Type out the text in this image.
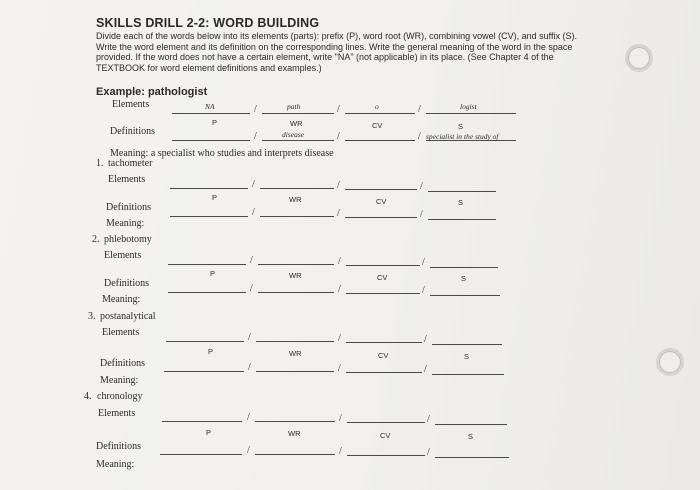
SKILLS DRILL 2-2: WORD BUILDING
Divide each of the words below into its elements (parts): prefix (P), word root (WR), combining vowel (CV), and suffix (S). Write the word element and its definition on the corresponding lines. Write the general meaning of the word in the space provided. If the word does not have a certain element, write "NA" (not applicable) in its place. (See Chapter 4 of the TEXTBOOK for word element definitions and examples.)
Example: pathologist
Elements	NA	/	path	/	o	/	logist
P	WR	CV	S
Definitions	/	disease	/	/ specialist in the study of
Meaning: a specialist who studies and interprets disease
1. tachometer
Elements	/	/	/
P	WR	CV	S
Definitions	/	/	/
Meaning:
2. phlebotomy
Elements	/	/	/
P	WR	CV	S
Definitions	/	/	/
Meaning:
3. postanalytical
Elements	/	/	/
P	WR	CV	S
Definitions	/	/	/
Meaning:
4. chronology
Elements	/	/	/
P	WR	CV	S
Definitions	/	/	/
Meaning:
